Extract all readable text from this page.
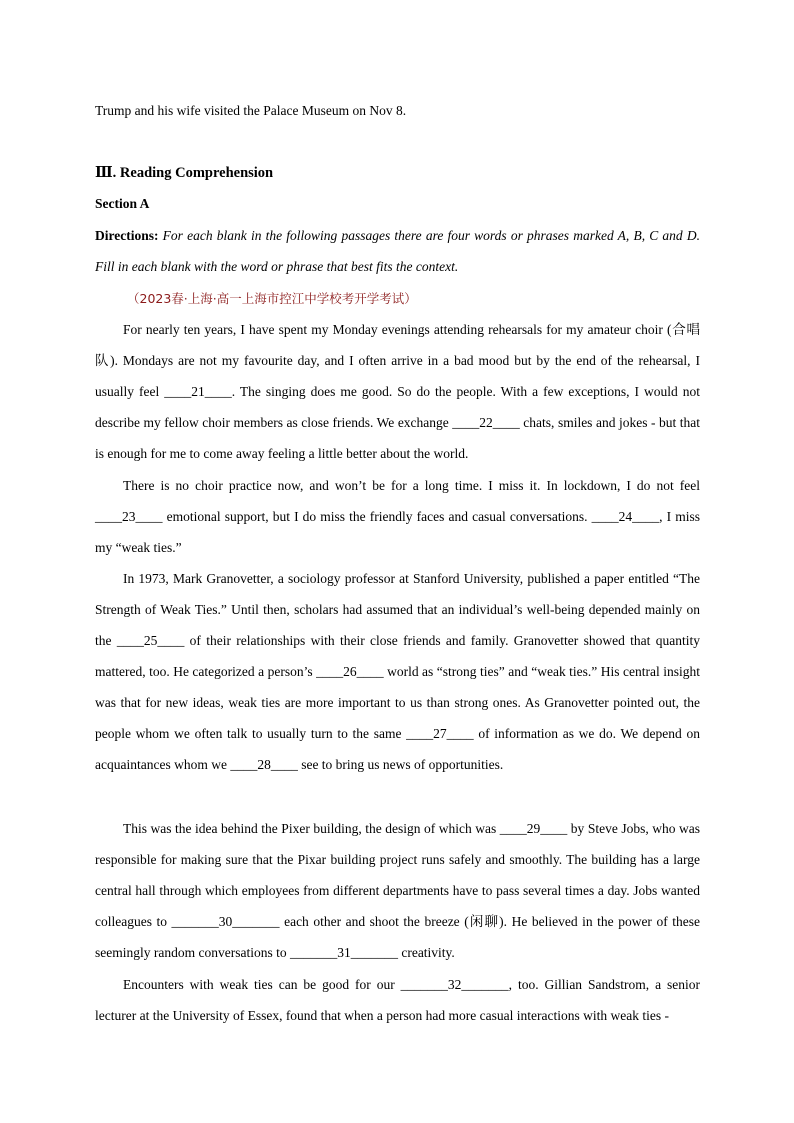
Trump and his wife visited the Palace Museum on Nov 8.

Ⅲ. Reading Comprehension
Section A

Directions: For each blank in the following passages there are four words or phrases marked A, B, C and D. Fill in each blank with the word or phrase that best fits the context.

（2023春·上海·高一上海市控江中学校考开学考试）

For nearly ten years, I have spent my Monday evenings attending rehearsals for my amateur choir (合唱队). Mondays are not my favourite day, and I often arrive in a bad mood but by the end of the rehearsal, I usually feel ____21____. The singing does me good. So do the people. With a few exceptions, I would not describe my fellow choir members as close friends. We exchange ____22____ chats, smiles and jokes - but that is enough for me to come away feeling a little better about the world.

There is no choir practice now, and won’t be for a long time. I miss it. In lockdown, I do not feel ____23____ emotional support, but I do miss the friendly faces and casual conversations. ____24____, I miss my “weak ties.”

In 1973, Mark Granovetter, a sociology professor at Stanford University, published a paper entitled “The Strength of Weak Ties.” Until then, scholars had assumed that an individual’s well-being depended mainly on the ____25____ of their relationships with their close friends and family. Granovetter showed that quantity mattered, too. He categorized a person’s ____26____ world as “strong ties” and “weak ties.” His central insight was that for new ideas, weak ties are more important to us than strong ones. As Granovetter pointed out, the people whom we often talk to usually turn to the same ____27____ of information as we do. We depend on acquaintances whom we ____28____ see to bring us news of opportunities.

This was the idea behind the Pixer building, the design of which was ____29____ by Steve Jobs, who was responsible for making sure that the Pixar building project runs safely and smoothly. The building has a large central hall through which employees from different departments have to pass several times a day. Jobs wanted colleagues to _______30_______ each other and shoot the breeze (闲聊). He believed in the power of these seemingly random conversations to _______31_______ creativity.

Encounters with weak ties can be good for our _______32_______, too. Gillian Sandstrom, a senior lecturer at the University of Essex, found that when a person had more casual interactions with weak ties -
